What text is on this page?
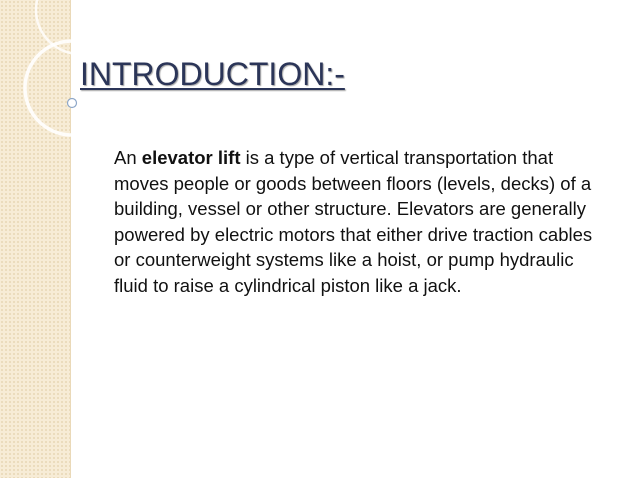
INTRODUCTION:-

An elevator lift is a type of vertical transportation that moves people or goods between floors (levels, decks) of a building, vessel or other structure. Elevators are generally powered by electric motors that either drive traction cables or counterweight systems like a hoist, or pump hydraulic fluid to raise a cylindrical piston like a jack.
